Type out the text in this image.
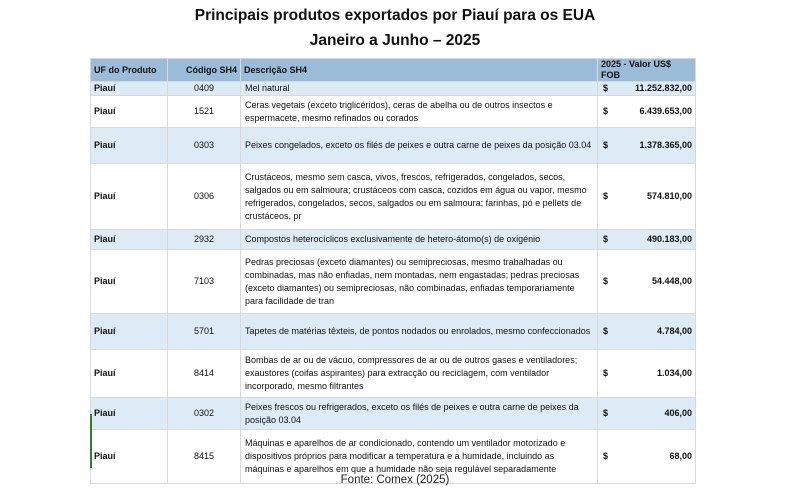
Principais produtos exportados por Piauí para os EUA
Janeiro a Junho – 2025
UF do Produto	Código SH4	Descrição SH4	2025 - Valor US$ FOB
Piauí	0409	Mel natural	$ 11.252.832,00

Piauí	1521	Ceras vegetais (exceto triglicéridos), ceras de abelha ou de outros insectos e espermacete, mesmo refinados ou corados	$ 6.439.653,00

Piauí	0303	Peixes congelados, exceto os filés de peixes e outra carne de peixes da posição 03.04	$ 1.378.365,00

Piauí	0306	Crustáceos, mesmo sem casca, vivos, frescos, refrigerados, congelados, secos, salgados ou em salmoura; crustáceos com casca, cozidos em água ou vapor, mesmo refrigerados, congelados, secos, salgados ou em salmoura; farinhas, pó e pellets de crustáceos, pr	$ 574.810,00

Piauí	2932	Compostos heterocíclicos exclusivamente de hetero-átomo(s) de oxigénio	$ 490.183,00

Piauí	7103	Pedras preciosas (exceto diamantes) ou semipreciosas, mesmo trabalhadas ou combinadas, mas não enfiadas, nem montadas, nem engastadas; pedras preciosas (exceto diamantes) ou semipreciosas, não combinadas, enfiadas temporariamente para facilidade de tran	$ 54.448,00

Piauí	5701	Tapetes de matérias têxteis, de pontos nodados ou enrolados, mesmo confeccionados	$ 4.784,00

Piauí	8414	Bombas de ar ou de vácuo, compressores de ar ou de outros gases e ventiladores; exaustores (coifas aspirantes) para extracção ou reciclagem, com ventilador incorporado, mesmo filtrantes	$ 1.034,00

Piauí	0302	Peixes frescos ou refrigerados, exceto os filés de peixes e outra carne de peixes da posição 03.04	$ 406,00

Piauí	8415	Máquinas e aparelhos de ar condicionado, contendo um ventilador motorizado e dispositivos próprios para modificar a temperatura e a humidade, incluindo as máquinas e aparelhos em que a humidade não seja regulável separadamente	$ 68,00
Fonte: Comex (2025)
